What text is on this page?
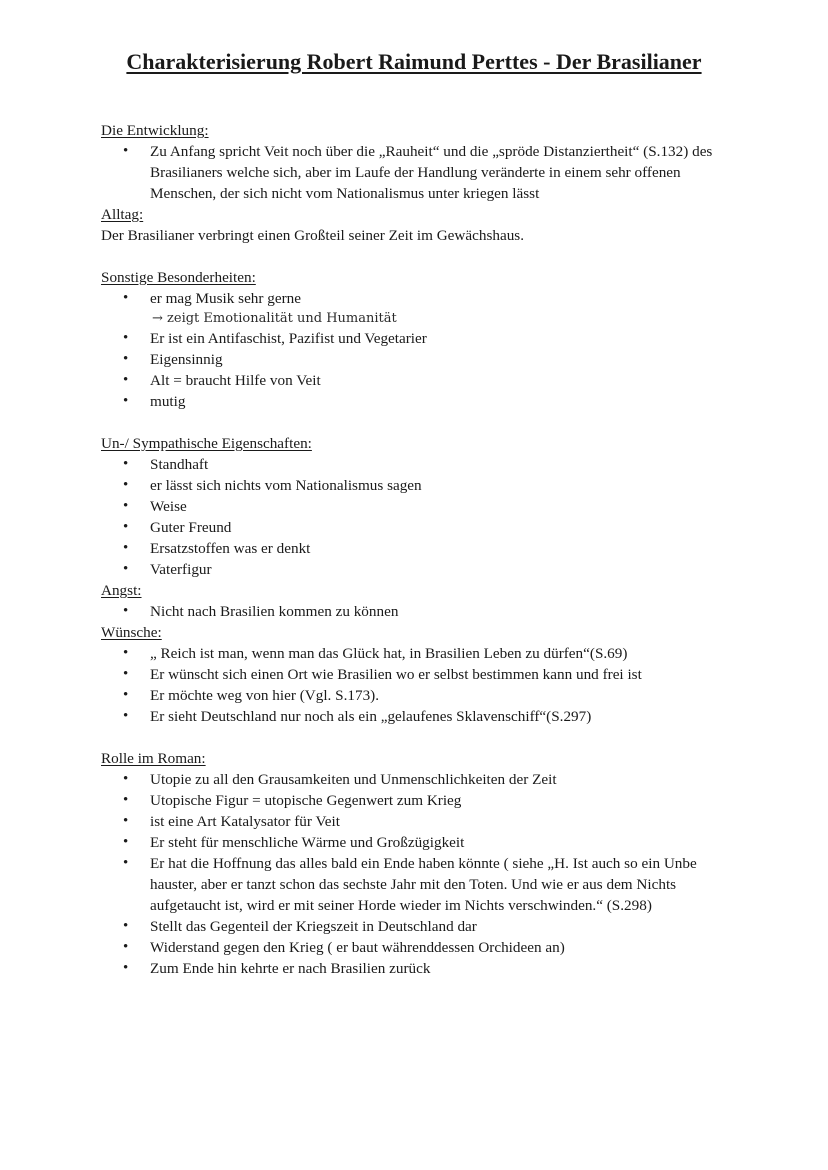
Charakterisierung Robert Raimund Perttes - Der Brasilianer
Die Entwicklung:
• Zu Anfang spricht Veit noch über die „Rauheit“ und die „spröde Distanziertheit“ (S.132) des Brasilianers welche sich, aber im Laufe der Handlung veränderte in einem sehr offenen Menschen, der sich nicht vom Nationalismus unter kriegen lässt
Alltag:

Der Brasilianer verbringt einen Großteil seiner Zeit im Gewächshaus.

Sonstige Besonderheiten:
• er mag Musik sehr gerne
→ zeigt Emotionalität und Humanität
• Er ist ein Antifaschist, Pazifist und Vegetarier
• Eigensinnig
• Alt = braucht Hilfe von Veit
• mutig
Un-/ Sympathische Eigenschaften:
• Standhaft
• er lässt sich nichts vom Nationalismus sagen
• Weise
• Guter Freund
• Ersatzstoffen was er denkt
• Vaterfigur
Angst:
• Nicht nach Brasilien kommen zu können
Wünsche:
• „ Reich ist man, wenn man das Glück hat, in Brasilien Leben zu dürfen“(S.69)
• Er wünscht sich einen Ort wie Brasilien wo er selbst bestimmen kann und frei ist
• Er möchte weg von hier (Vgl. S.173).
• Er sieht Deutschland nur noch als ein „gelaufenes Sklavenschiff“(S.297)
Rolle im Roman:
• Utopie zu all den Grausamkeiten und Unmenschlichkeiten der Zeit
• Utopische Figur = utopische Gegenwert zum Krieg
• ist eine Art Katalysator für Veit
• Er steht für menschliche Wärme und Großzügigkeit
• Er hat die Hoffnung das alles bald ein Ende haben könnte ( siehe „H. Ist auch so ein Unbe hauster, aber er tanzt schon das sechste Jahr mit den Toten. Und wie er aus dem Nichts aufgetaucht ist, wird er mit seiner Horde wieder im Nichts verschwinden.“ (S.298)
• Stellt das Gegenteil der Kriegszeit in Deutschland dar
• Widerstand gegen den Krieg ( er baut währenddessen Orchideen an)
• Zum Ende hin kehrte er nach Brasilien zurück
